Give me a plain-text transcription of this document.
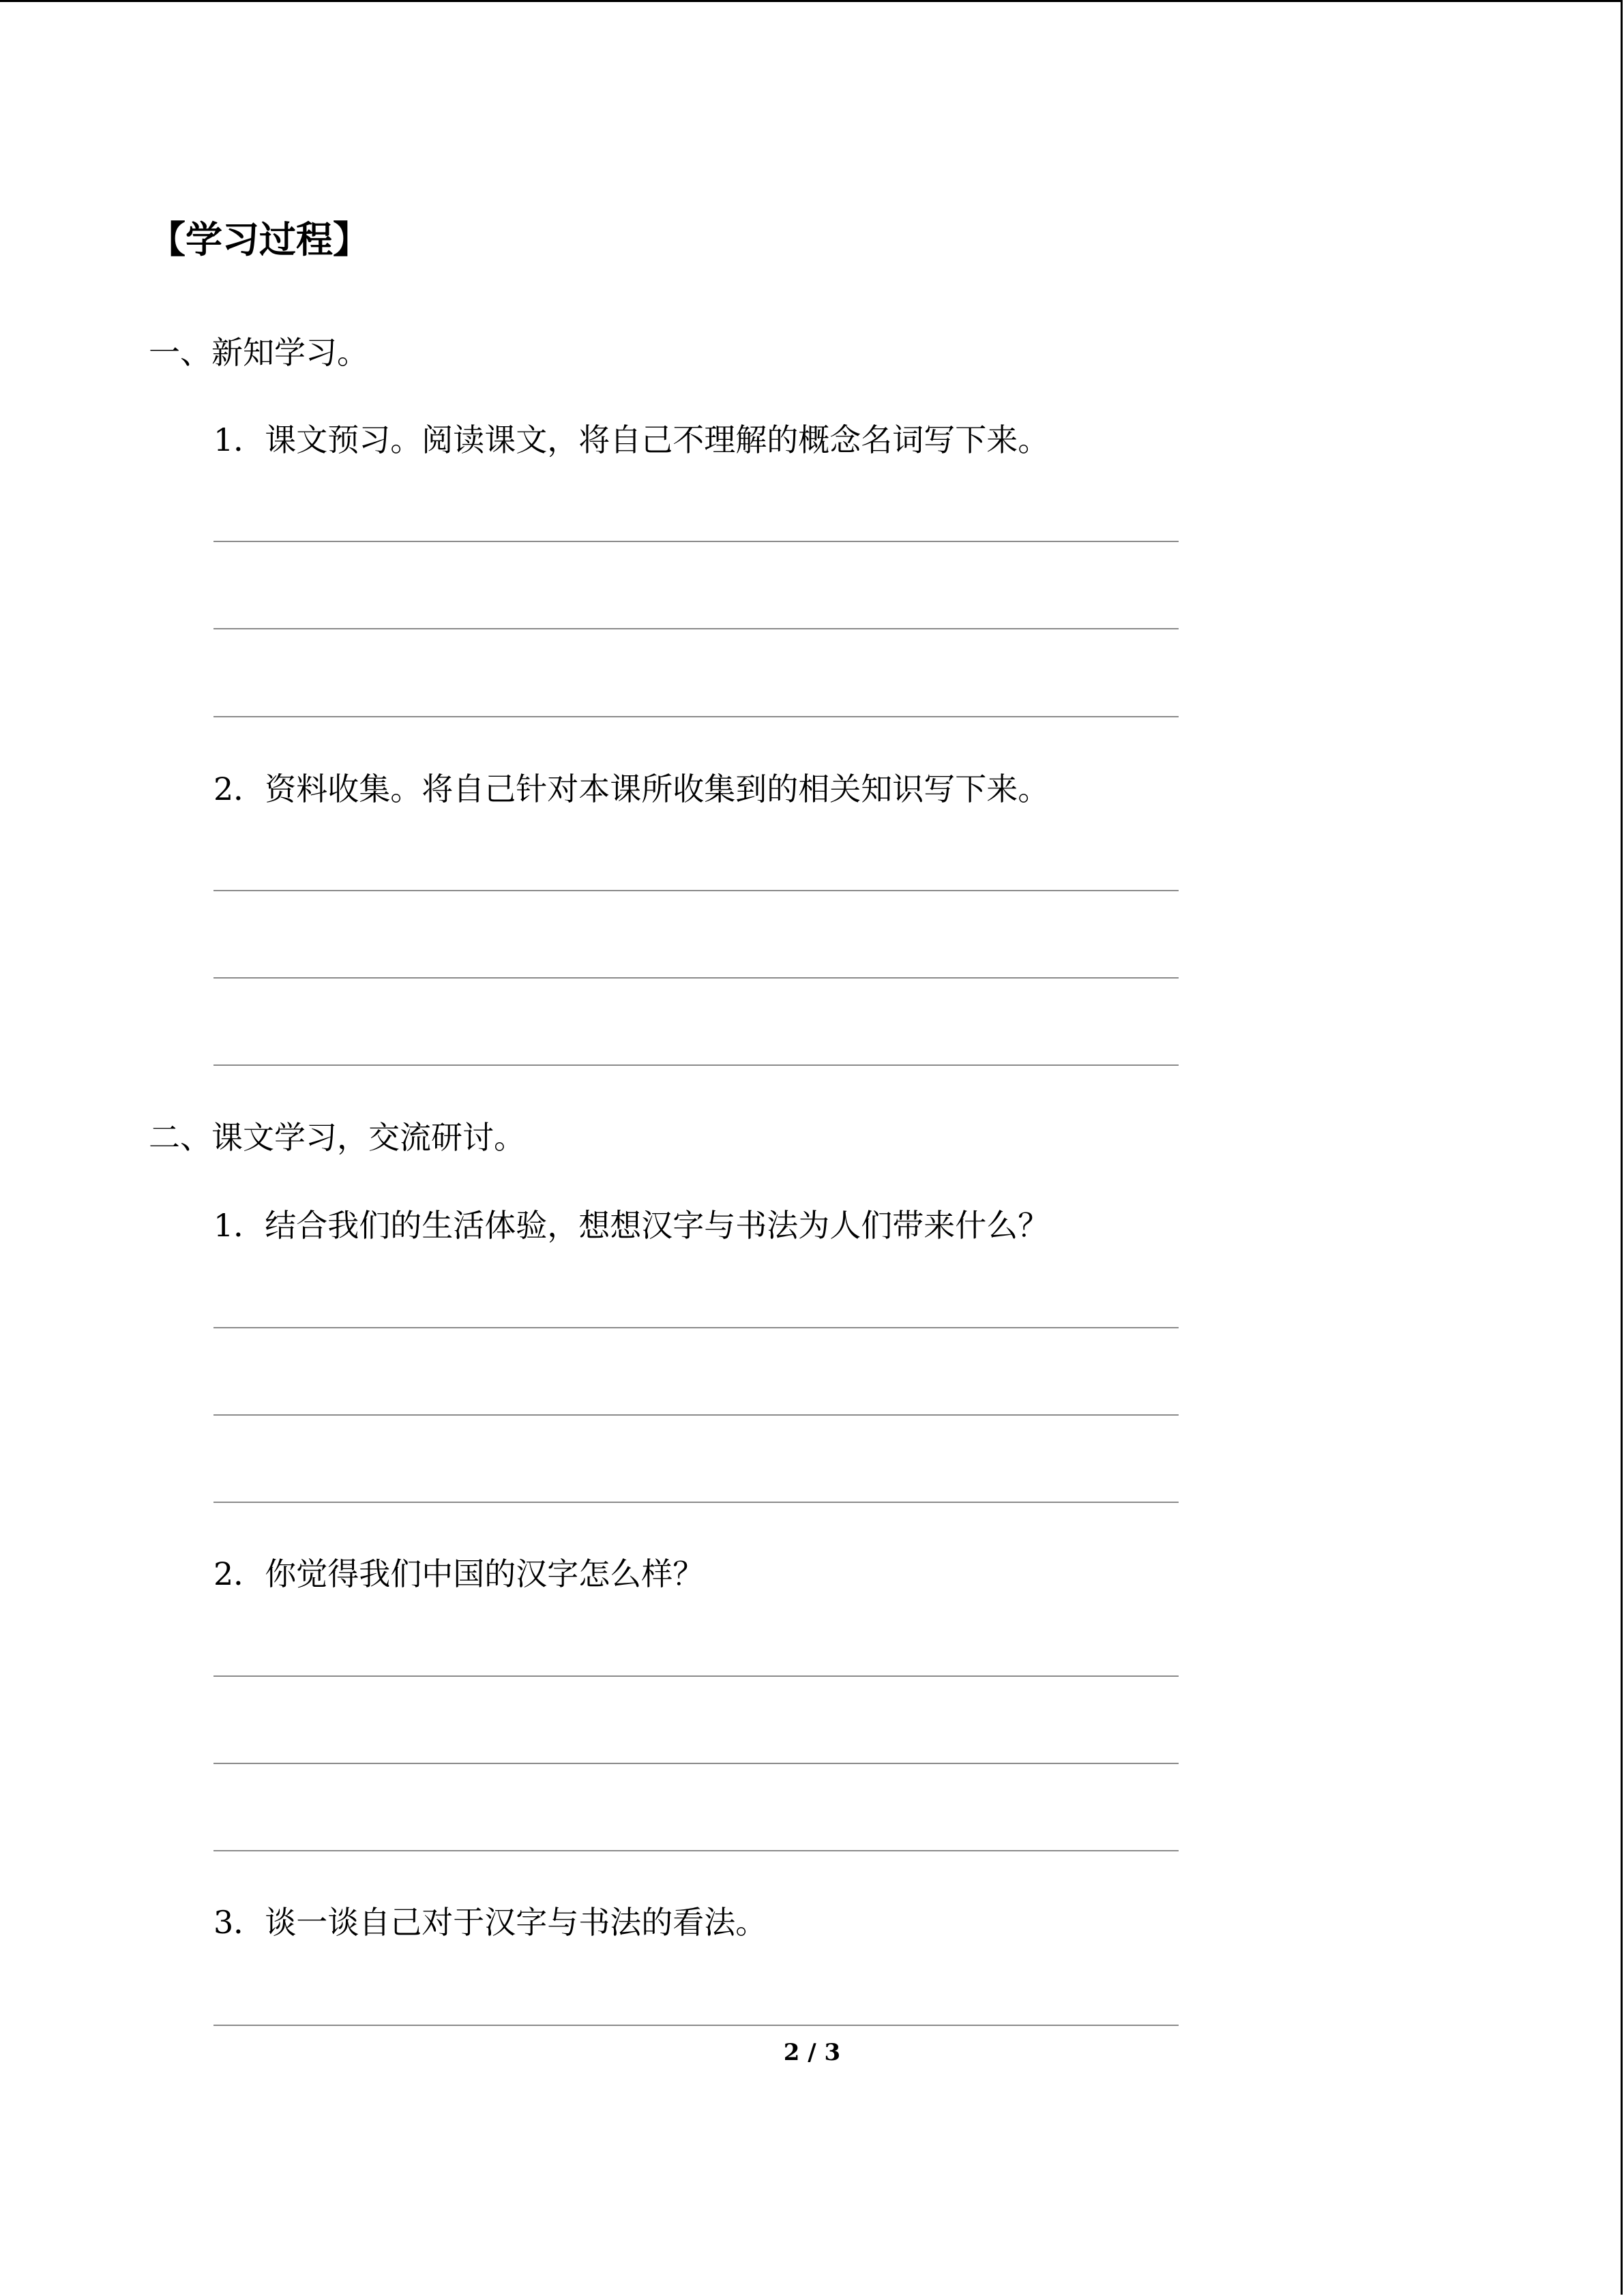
【学习过程】
一、新知学习。
1．课文预习。阅读课文，将自己不理解的概念名词写下来。
2．资料收集。将自己针对本课所收集到的相关知识写下来。
二、课文学习，交流研讨。
1．结合我们的生活体验，想想汉字与书法为人们带来什么？
2．你觉得我们中国的汉字怎么样？
3．谈一谈自己对于汉字与书法的看法。
2 / 3
